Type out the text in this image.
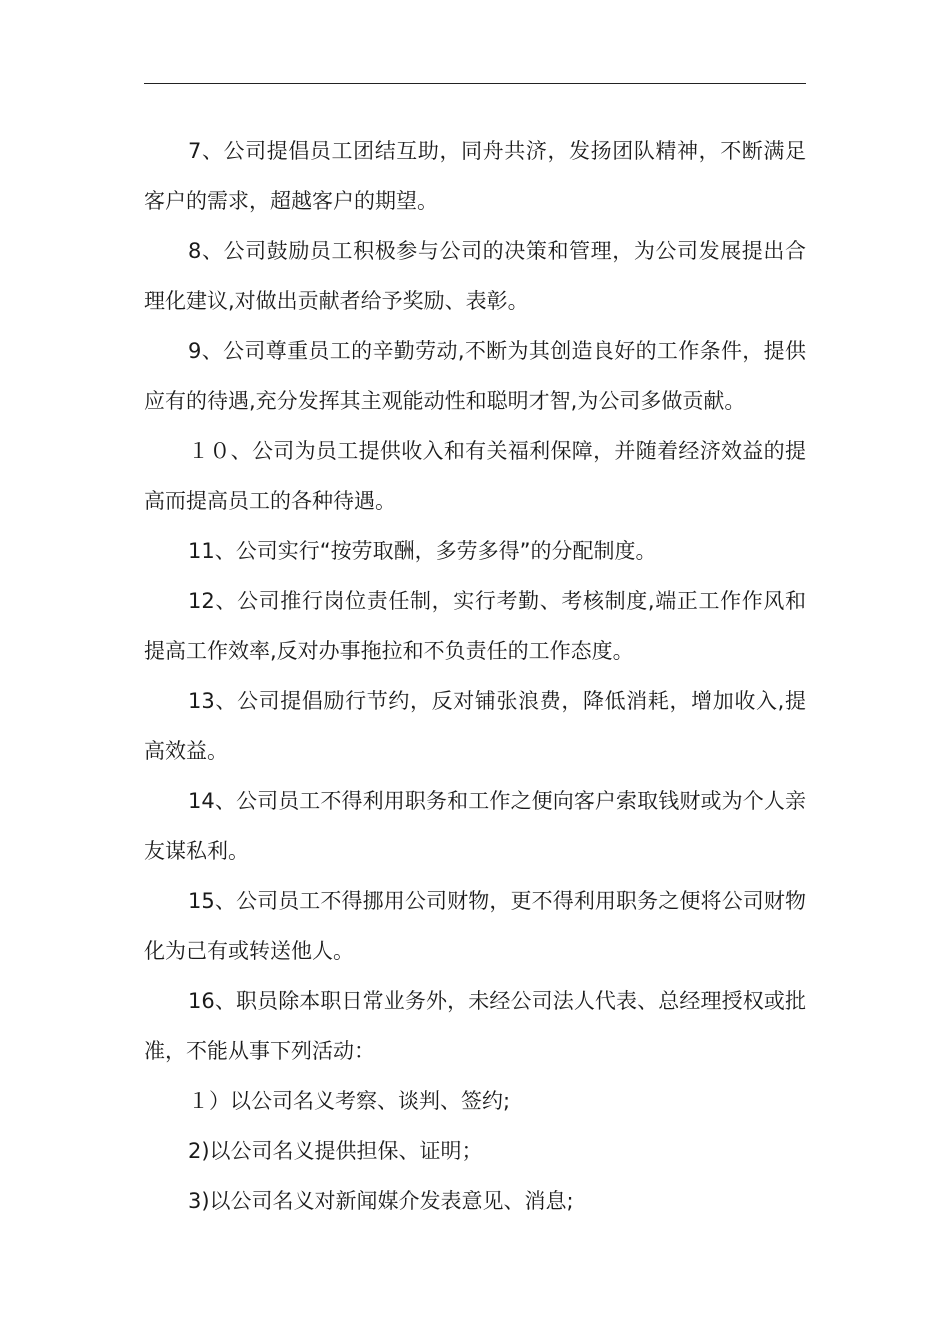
7、公司提倡员工团结互助，同舟共济，发扬团队精神，不断满足客户的需求，超越客户的期望。

8、公司鼓励员工积极参与公司的决策和管理，为公司发展提出合理化建议,对做出贡献者给予奖励、表彰。

9、公司尊重员工的辛勤劳动,不断为其创造良好的工作条件，提供应有的待遇,充分发挥其主观能动性和聪明才智,为公司多做贡献。

１０、公司为员工提供收入和有关福利保障，并随着经济效益的提高而提高员工的各种待遇。

11、公司实行“按劳取酬，多劳多得”的分配制度。

12、公司推行岗位责任制，实行考勤、考核制度,端正工作作风和提高工作效率,反对办事拖拉和不负责任的工作态度。

13、公司提倡励行节约，反对铺张浪费，降低消耗，增加收入,提高效益。

14、公司员工不得利用职务和工作之便向客户索取钱财或为个人亲友谋私利。

15、公司员工不得挪用公司财物，更不得利用职务之便将公司财物化为己有或转送他人。

16、职员除本职日常业务外，未经公司法人代表、总经理授权或批准，不能从事下列活动：

１）以公司名义考察、谈判、签约;

2)以公司名义提供担保、证明；

3)以公司名义对新闻媒介发表意见、消息;
